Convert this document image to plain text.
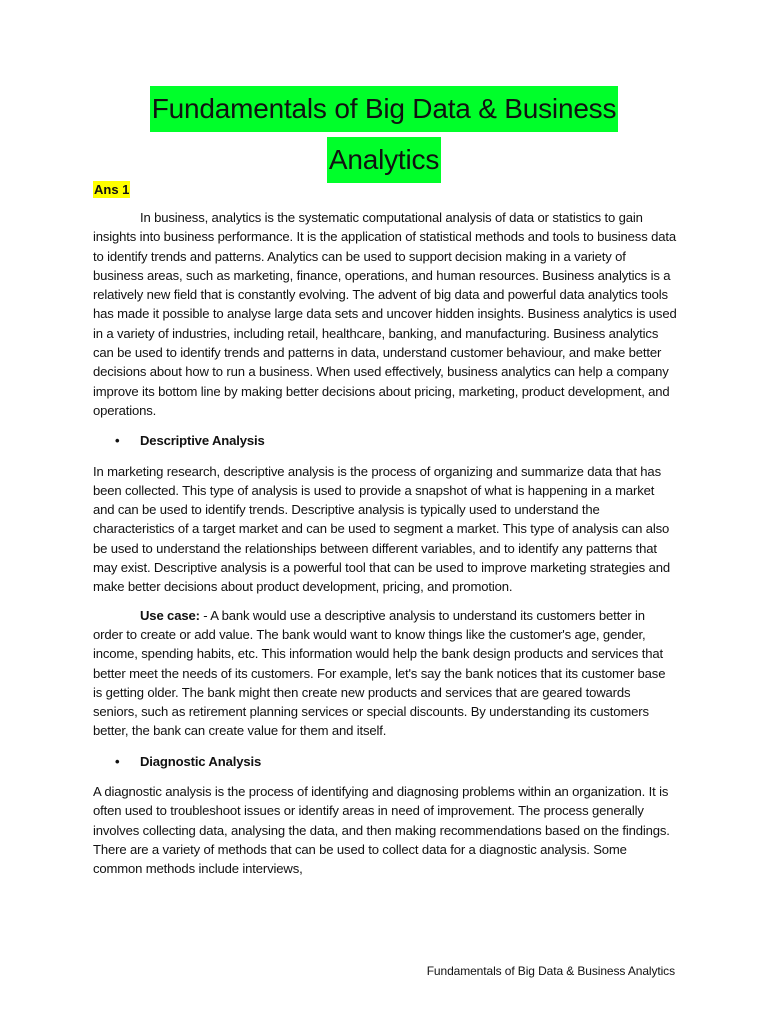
Fundamentals of Big Data & Business
Analytics
Ans 1

In business, analytics is the systematic computational analysis of data or statistics to gain insights into business performance. It is the application of statistical methods and tools to business data to identify trends and patterns. Analytics can be used to support decision making in a variety of business areas, such as marketing, finance, operations, and human resources. Business analytics is a relatively new field that is constantly evolving. The advent of big data and powerful data analytics tools has made it possible to analyse large data sets and uncover hidden insights. Business analytics is used in a variety of industries, including retail, healthcare, banking, and manufacturing. Business analytics can be used to identify trends and patterns in data, understand customer behaviour, and make better decisions about how to run a business. When used effectively, business analytics can help a company improve its bottom line by making better decisions about pricing, marketing, product development, and operations.

•	Descriptive Analysis

In marketing research, descriptive analysis is the process of organizing and summarize data that has been collected. This type of analysis is used to provide a snapshot of what is happening in a market and can be used to identify trends. Descriptive analysis is typically used to understand the characteristics of a target market and can be used to segment a market. This type of analysis can also be used to understand the relationships between different variables, and to identify any patterns that may exist. Descriptive analysis is a powerful tool that can be used to improve marketing strategies and make better decisions about product development, pricing, and promotion.

Use case: - A bank would use a descriptive analysis to understand its customers better in order to create or add value. The bank would want to know things like the customer's age, gender, income, spending habits, etc. This information would help the bank design products and services that better meet the needs of its customers. For example, let's say the bank notices that its customer base is getting older. The bank might then create new products and services that are geared towards seniors, such as retirement planning services or special discounts. By understanding its customers better, the bank can create value for them and itself.

•	Diagnostic Analysis

A diagnostic analysis is the process of identifying and diagnosing problems within an organization. It is often used to troubleshoot issues or identify areas in need of improvement. The process generally involves collecting data, analysing the data, and then making recommendations based on the findings. There are a variety of methods that can be used to collect data for a diagnostic analysis. Some common methods include interviews,

Fundamentals of Big Data & Business Analytics
